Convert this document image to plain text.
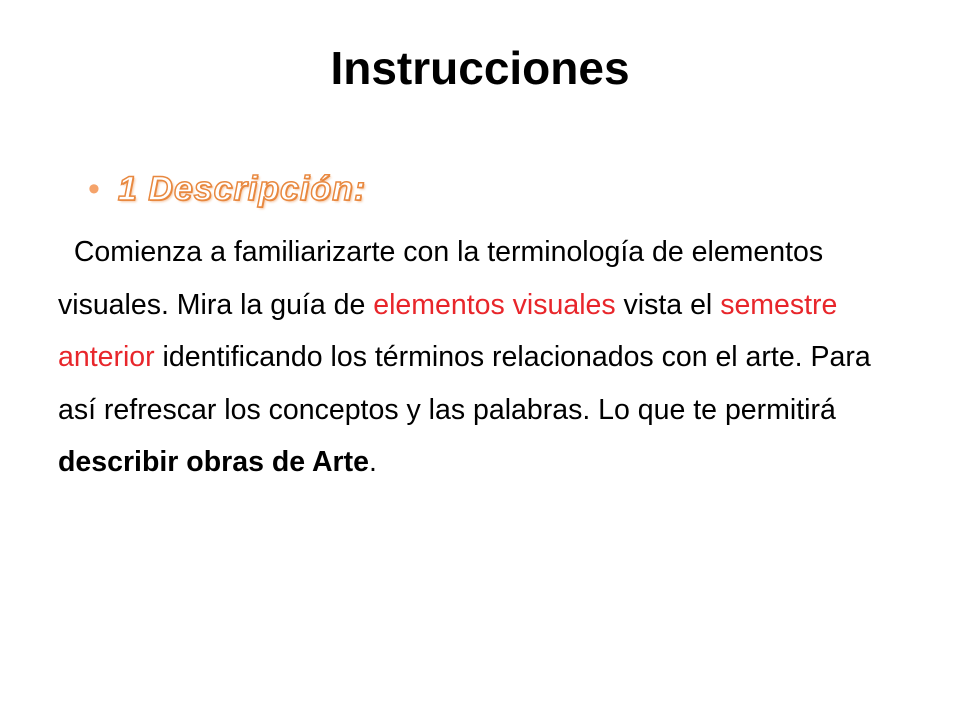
Instrucciones
• 1 Descripción:

Comienza a familiarizarte con la terminología de elementos visuales. Mira la guía de elementos visuales vista el semestre anterior identificando los términos relacionados con el arte. Para así refrescar los conceptos y las palabras. Lo que te permitirá  describir obras de Arte.
